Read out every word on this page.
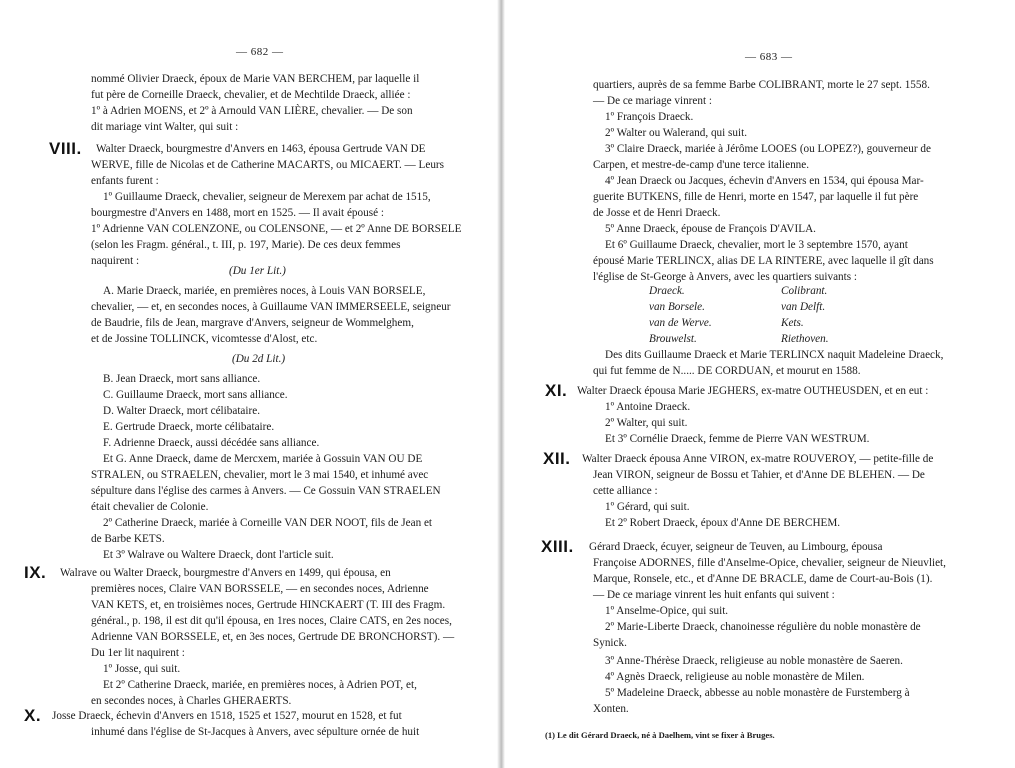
— 682 —
nommé Olivier Draeck, époux de Marie VAN BERCHEM, par laquelle il
fut père de Corneille Draeck, chevalier, et de Mechtilde Draeck, alliée :
1º à Adrien MOENS, et 2º à Arnould VAN LIÈRE, chevalier. — De son
dit mariage vint Walter, qui suit :
VIII. Walter Draeck, bourgmestre d'Anvers en 1463, épousa Gertrude VAN DE
WERVE, fille de Nicolas et de Catherine MACARTS, ou MICAERT. — Leurs
enfants furent :
1º Guillaume Draeck, chevalier, seigneur de Merexem par achat de 1515,
bourgmestre d'Anvers en 1488, mort en 1525. — Il avait épousé :
1º Adrienne VAN COLENZONE, ou COLENSONE, — et 2º Anne DE BORSELE
(selon les Fragm. général., t. III, p. 197, Marie). De ces deux femmes
naquirent :
(Du 1er Lit.)
A. Marie Draeck, mariée, en premières noces, à Louis VAN BORSELE,
chevalier, — et, en secondes noces, à Guillaume VAN IMMERSEELE, seigneur
de Baudrie, fils de Jean, margrave d'Anvers, seigneur de Wommelghem,
et de Jossine TOLLINCK, vicomtesse d'Alost, etc.
(Du 2d Lit.)
B. Jean Draeck, mort sans alliance.
C. Guillaume Draeck, mort sans alliance.
D. Walter Draeck, mort célibataire.
E. Gertrude Draeck, morte célibataire.
F. Adrienne Draeck, aussi décédée sans alliance.
Et G. Anne Draeck, dame de Mercxem, mariée à Gossuin VAN OU DE
STRALEN, ou STRAELEN, chevalier, mort le 3 mai 1540, et inhumé avec
sépulture dans l'église des carmes à Anvers. — Ce Gossuin VAN STRAELEN
était chevalier de Colonie.
2º Catherine Draeck, mariée à Corneille VAN DER NOOT, fils de Jean et
de Barbe KETS.
Et 3º Walrave ou Waltere Draeck, dont l'article suit.
IX. Walrave ou Walter Draeck, bourgmestre d'Anvers en 1499, qui épousa, en
premières noces, Claire VAN BORSSELE, — en secondes noces, Adrienne
VAN KETS, et, en troisièmes noces, Gertrude HINCKAERT (T. III des Fragm.
général., p. 198, il est dit qu'il épousa, en 1res noces, Claire CATS, en 2es noces,
Adrienne VAN BORSSELE, et, en 3es noces, Gertrude DE BRONCHORST). —
Du 1er lit naquirent :
1º Josse, qui suit.
Et 2º Catherine Draeck, mariée, en premières noces, à Adrien POT, et,
en secondes noces, à Charles GHERAERTS.
X. Josse Draeck, échevin d'Anvers en 1518, 1525 et 1527, mourut en 1528, et fut
inhumé dans l'église de St-Jacques à Anvers, avec sépulture ornée de huit
— 683 —
quartiers, auprès de sa femme Barbe COLIBRANT, morte le 27 sept. 1558.
— De ce mariage vinrent :
1º François Draeck.
2º Walter ou Walerand, qui suit.
3º Claire Draeck, mariée à Jérôme LOOES (ou LOPEZ?), gouverneur de
Carpen, et mestre-de-camp d'une terce italienne.
4º Jean Draeck ou Jacques, échevin d'Anvers en 1534, qui épousa Mar-
guerite BUTKENS, fille de Henri, morte en 1547, par laquelle il fut père
de Josse et de Henri Draeck.
5º Anne Draeck, épouse de François D'AVILA.
Et 6º Guillaume Draeck, chevalier, mort le 3 septembre 1570, ayant
épousé Marie TERLINCX, alias DE LA RINTERE, avec laquelle il gît dans
l'église de St-George à Anvers, avec les quartiers suivants :
Draeck.
van Borsele.
van de Werve.
Brouwelst.
Colibrant.
van Delft.
Kets.
Riethoven.
Des dits Guillaume Draeck et Marie TERLINCX naquit Madeleine Draeck,
qui fut femme de N..... DE CORDUAN, et mourut en 1588.
XI. Walter Draeck épousa Marie JEGHERS, ex-matre OUTHEUSDEN, et en eut :
1º Antoine Draeck.
2º Walter, qui suit.
Et 3º Cornélie Draeck, femme de Pierre VAN WESTRUM.
XII. Walter Draeck épousa Anne VIRON, ex-matre ROUVEROY, — petite-fille de
Jean VIRON, seigneur de Bossu et Tahier, et d'Anne DE BLEHEN. — De
cette alliance :
1º Gérard, qui suit.
Et 2º Robert Draeck, époux d'Anne DE BERCHEM.
XIII. Gérard Draeck, écuyer, seigneur de Teuven, au Limbourg, épousa
Françoise ADORNES, fille d'Anselme-Opice, chevalier, seigneur de Nieuvliet,
Marque, Ronsele, etc., et d'Anne DE BRACLE, dame de Court-au-Bois (1).
— De ce mariage vinrent les huit enfants qui suivent :
1º Anselme-Opice, qui suit.
2º Marie-Liberte Draeck, chanoinesse régulière du noble monastère de
Synick.
3º Anne-Thérèse Draeck, religieuse au noble monastère de Saeren.
4º Agnès Draeck, religieuse au noble monastère de Milen.
5º Madeleine Draeck, abbesse au noble monastère de Furstemberg à
Xonten.
(1) Le dit Gérard Draeck, né à Daelhem, vint se fixer à Bruges.
